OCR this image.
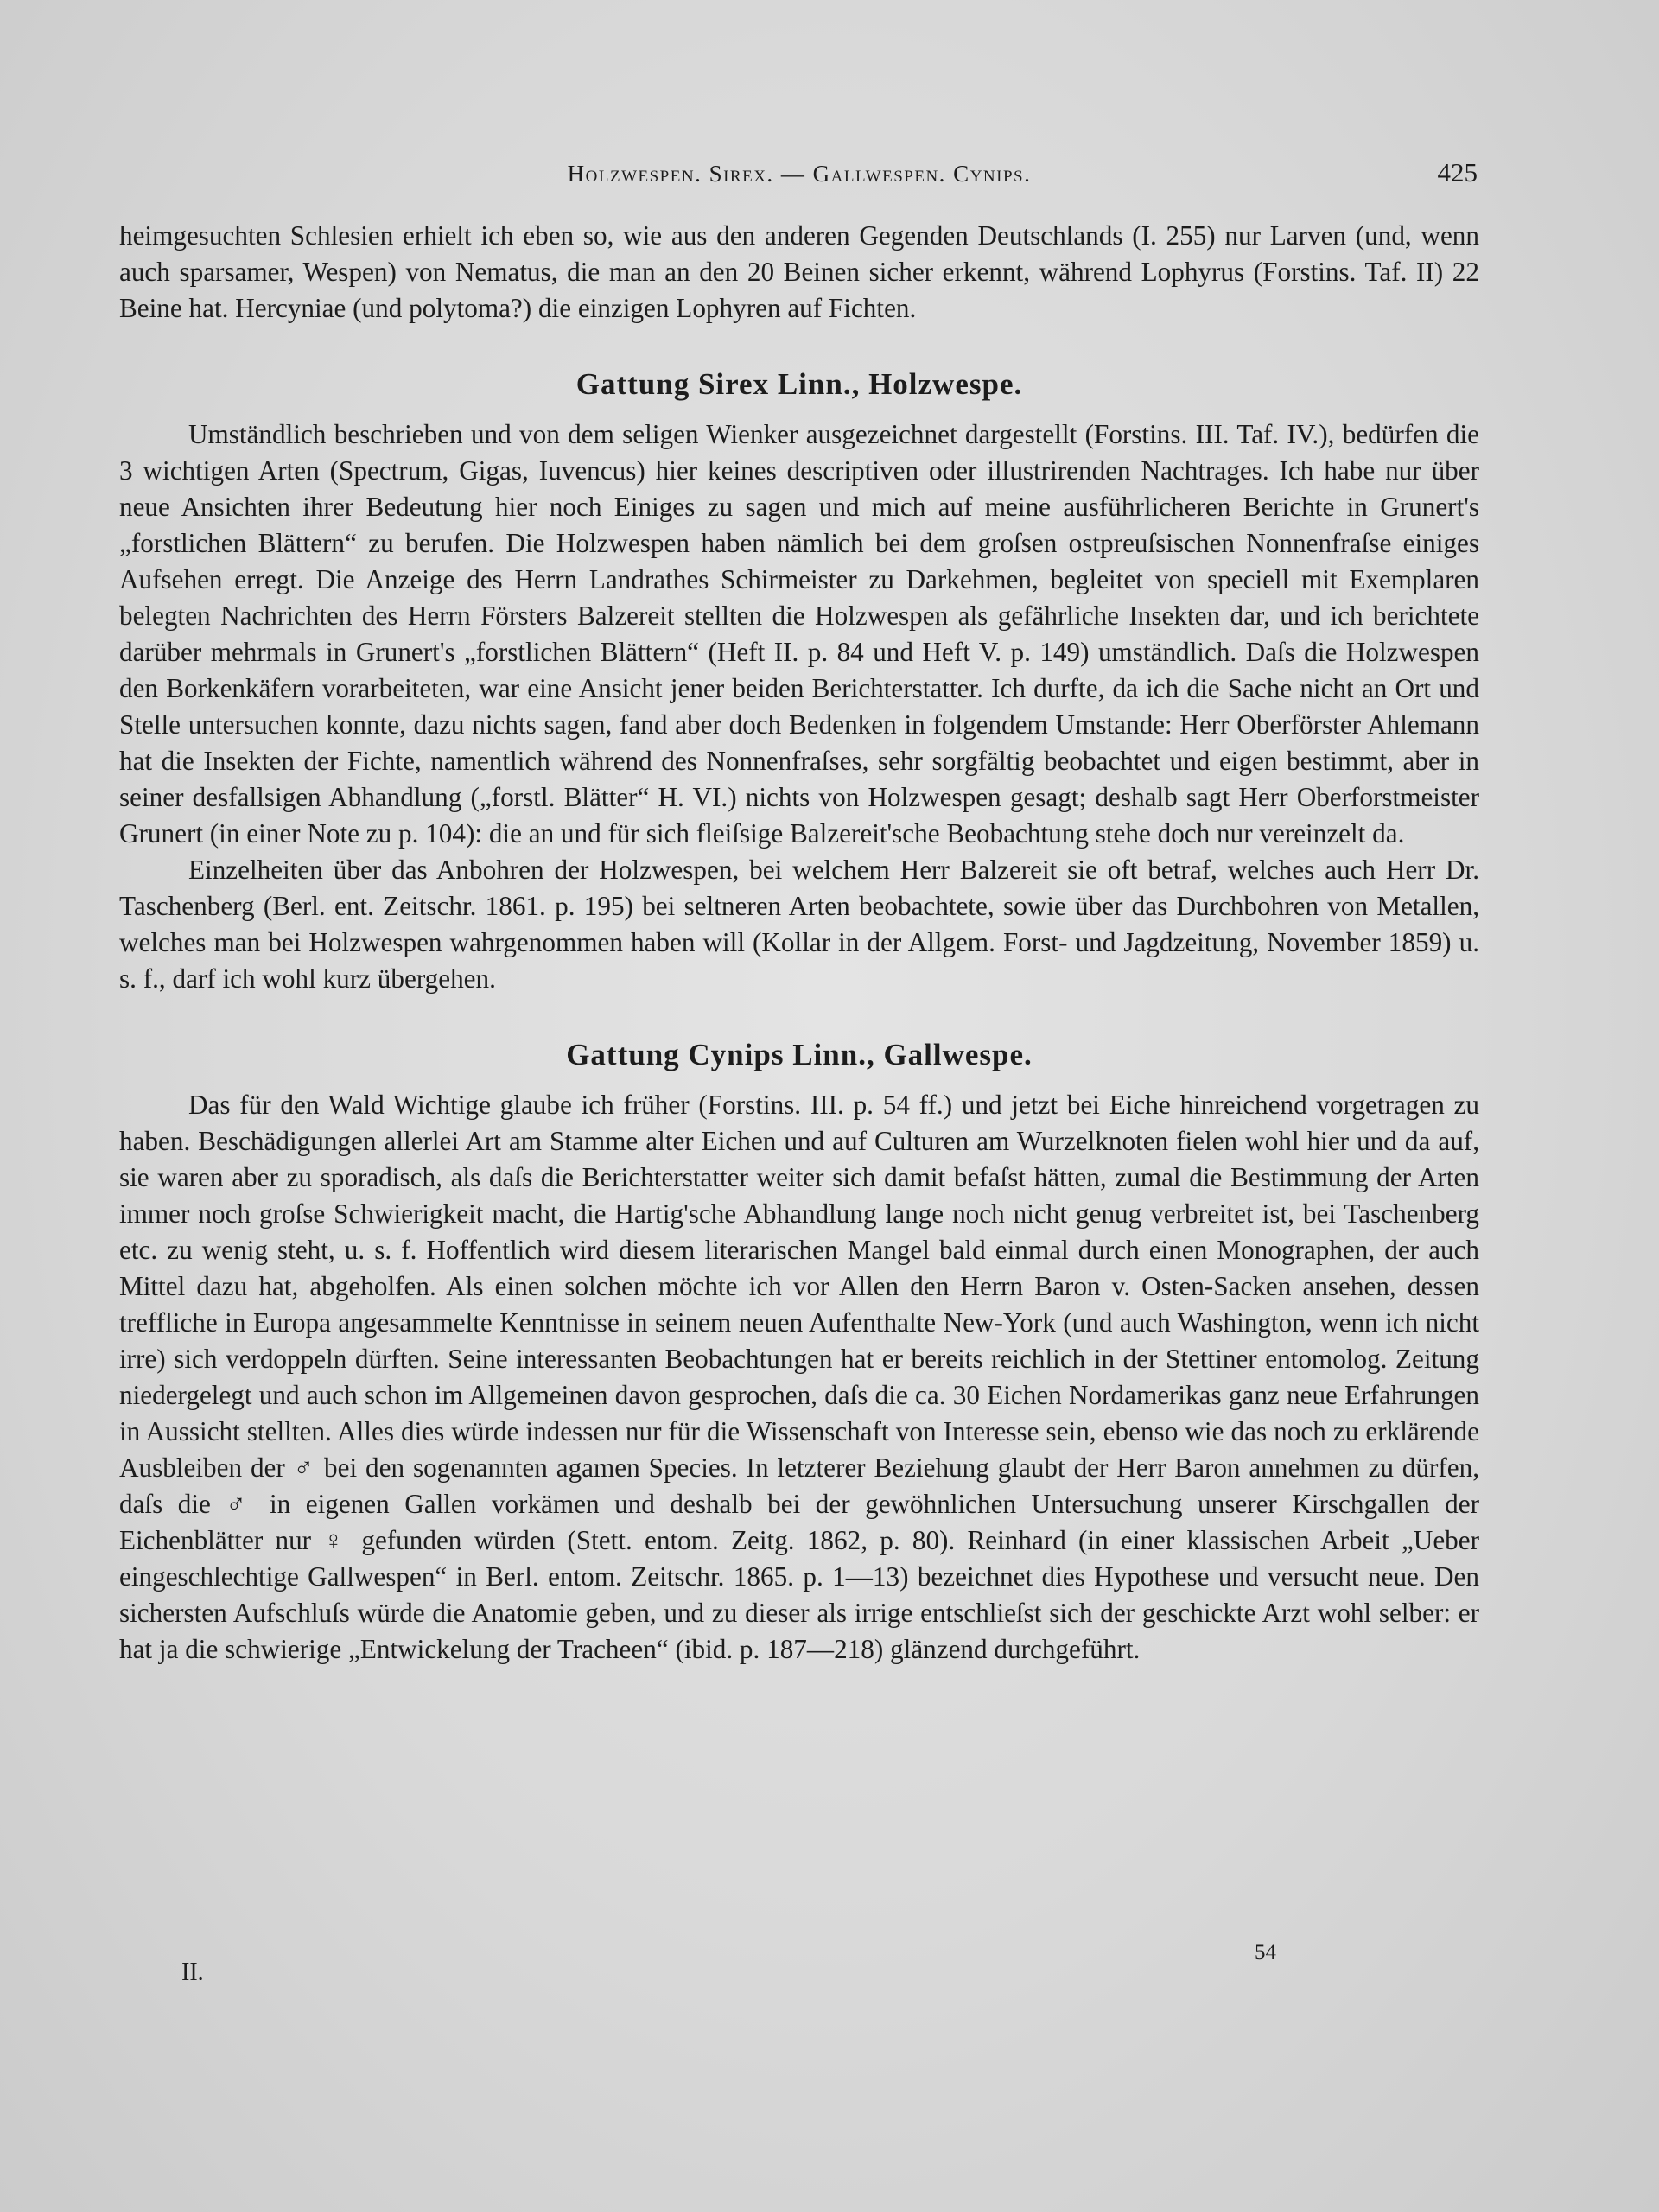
Holzwespen. Sirex. — Gallwespen. Cynips.	425

heimgesuchten Schlesien erhielt ich eben so, wie aus den anderen Gegenden Deutschlands (I. 255) nur Larven (und, wenn auch sparsamer, Wespen) von Nematus, die man an den 20 Beinen sicher erkennt, während Lophyrus (Forstins. Taf. II) 22 Beine hat. Hercyniae (und polytoma?) die einzigen Lophyren auf Fichten.

Gattung Sirex Linn., Holzwespe.

Umständlich beschrieben und von dem seligen Wienker ausgezeichnet dargestellt (Forstins. III. Taf. IV.), bedürfen die 3 wichtigen Arten (Spectrum, Gigas, Iuvencus) hier keines descriptiven oder illustrirenden Nachtrages. Ich habe nur über neue Ansichten ihrer Bedeutung hier noch Einiges zu sagen und mich auf meine ausführlicheren Berichte in Grunert's „forstlichen Blättern“ zu berufen. Die Holzwespen haben nämlich bei dem groſsen ostpreuſsischen Nonnenfraſse einiges Aufsehen erregt. Die Anzeige des Herrn Landrathes Schirmeister zu Darkehmen, begleitet von speciell mit Exemplaren belegten Nachrichten des Herrn Försters Balzereit stellten die Holzwespen als gefährliche Insekten dar, und ich berichtete darüber mehrmals in Grunert's „forstlichen Blättern“ (Heft II. p. 84 und Heft V. p. 149) umständlich. Daſs die Holzwespen den Borkenkäfern vorarbeiteten, war eine Ansicht jener beiden Berichterstatter. Ich durfte, da ich die Sache nicht an Ort und Stelle untersuchen konnte, dazu nichts sagen, fand aber doch Bedenken in folgendem Umstande: Herr Oberförster Ahlemann hat die Insekten der Fichte, namentlich während des Nonnenfraſses, sehr sorgfältig beobachtet und eigen bestimmt, aber in seiner desfallsigen Abhandlung („forstl. Blätter“ H. VI.) nichts von Holzwespen gesagt; deshalb sagt Herr Oberforstmeister Grunert (in einer Note zu p. 104): die an und für sich fleiſsige Balzereit'sche Beobachtung stehe doch nur vereinzelt da.

Einzelheiten über das Anbohren der Holzwespen, bei welchem Herr Balzereit sie oft betraf, welches auch Herr Dr. Taschenberg (Berl. ent. Zeitschr. 1861. p. 195) bei seltneren Arten beobachtete, sowie über das Durchbohren von Metallen, welches man bei Holzwespen wahrgenommen haben will (Kollar in der Allgem. Forst- und Jagdzeitung, November 1859) u. s. f., darf ich wohl kurz übergehen.

Gattung Cynips Linn., Gallwespe.

Das für den Wald Wichtige glaube ich früher (Forstins. III. p. 54 ff.) und jetzt bei Eiche hinreichend vorgetragen zu haben. Beschädigungen allerlei Art am Stamme alter Eichen und auf Culturen am Wurzelknoten fielen wohl hier und da auf, sie waren aber zu sporadisch, als daſs die Berichterstatter weiter sich damit befaſst hätten, zumal die Bestimmung der Arten immer noch groſse Schwierigkeit macht, die Hartig'sche Abhandlung lange noch nicht genug verbreitet ist, bei Taschenberg etc. zu wenig steht, u. s. f. Hoffentlich wird diesem literarischen Mangel bald einmal durch einen Monographen, der auch Mittel dazu hat, abgeholfen. Als einen solchen möchte ich vor Allen den Herrn Baron v. Osten-Sacken ansehen, dessen treffliche in Europa angesammelte Kenntnisse in seinem neuen Aufenthalte New-York (und auch Washington, wenn ich nicht irre) sich verdoppeln dürften. Seine interessanten Beobachtungen hat er bereits reichlich in der Stettiner entomolog. Zeitung niedergelegt und auch schon im Allgemeinen davon gesprochen, daſs die ca. 30 Eichen Nordamerikas ganz neue Erfahrungen in Aussicht stellten. Alles dies würde indessen nur für die Wissenschaft von Interesse sein, ebenso wie das noch zu erklärende Ausbleiben der ♂ bei den sogenannten agamen Species. In letzterer Beziehung glaubt der Herr Baron annehmen zu dürfen, daſs die ♂ in eigenen Gallen vorkämen und deshalb bei der gewöhnlichen Untersuchung unserer Kirschgallen der Eichenblätter nur ♀ gefunden würden (Stett. entom. Zeitg. 1862, p. 80). Reinhard (in einer klassischen Arbeit „Ueber eingeschlechtige Gallwespen“ in Berl. entom. Zeitschr. 1865. p. 1—13) bezeichnet dies Hypothese und versucht neue. Den sichersten Aufschluſs würde die Anatomie geben, und zu dieser als irrige entschlieſst sich der geschickte Arzt wohl selber: er hat ja die schwierige „Entwickelung der Tracheen“ (ibid. p. 187—218) glänzend durchgeführt.

II.
54
